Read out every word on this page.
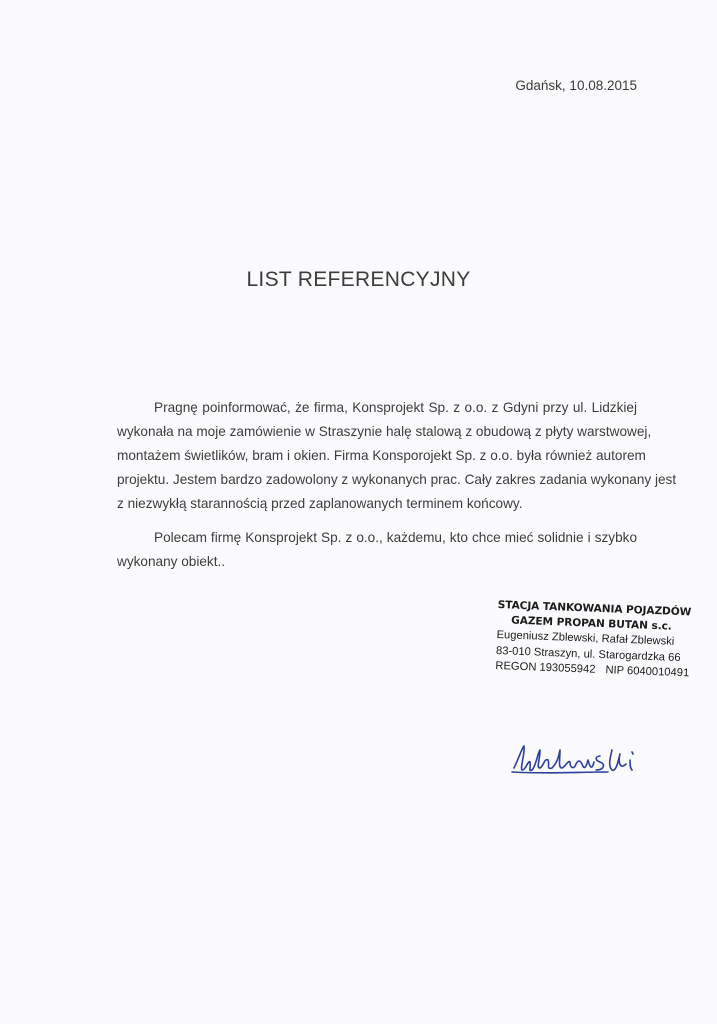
Gdańsk, 10.08.2015
LIST REFERENCYJNY

Pragnę poinformować, że firma, Konsprojekt Sp. z o.o. z Gdyni przy ul. Lidzkiej
wykonała na moje zamówienie w Straszynie halę stalową z obudową z płyty warstwowej,
montażem świetlików, bram i okien. Firma Konsporojekt Sp. z o.o. była również autorem
projektu. Jestem bardzo zadowolony z wykonanych prac. Cały zakres zadania wykonany jest
z niezwykłą starannością przed zaplanowanych terminem końcowy.

Polecam firmę Konsprojekt Sp. z o.o., każdemu, kto chce mieć solidnie i szybko
wykonany obiekt..

STACJA TANKOWANIA POJAZDÓW
GAZEM PROPAN BUTAN s.c.
Eugeniusz Zblewski, Rafał Zblewski
83-010 Straszyn, ul. Starogardzka 66
REGON 193055942 NIP 6040010491
